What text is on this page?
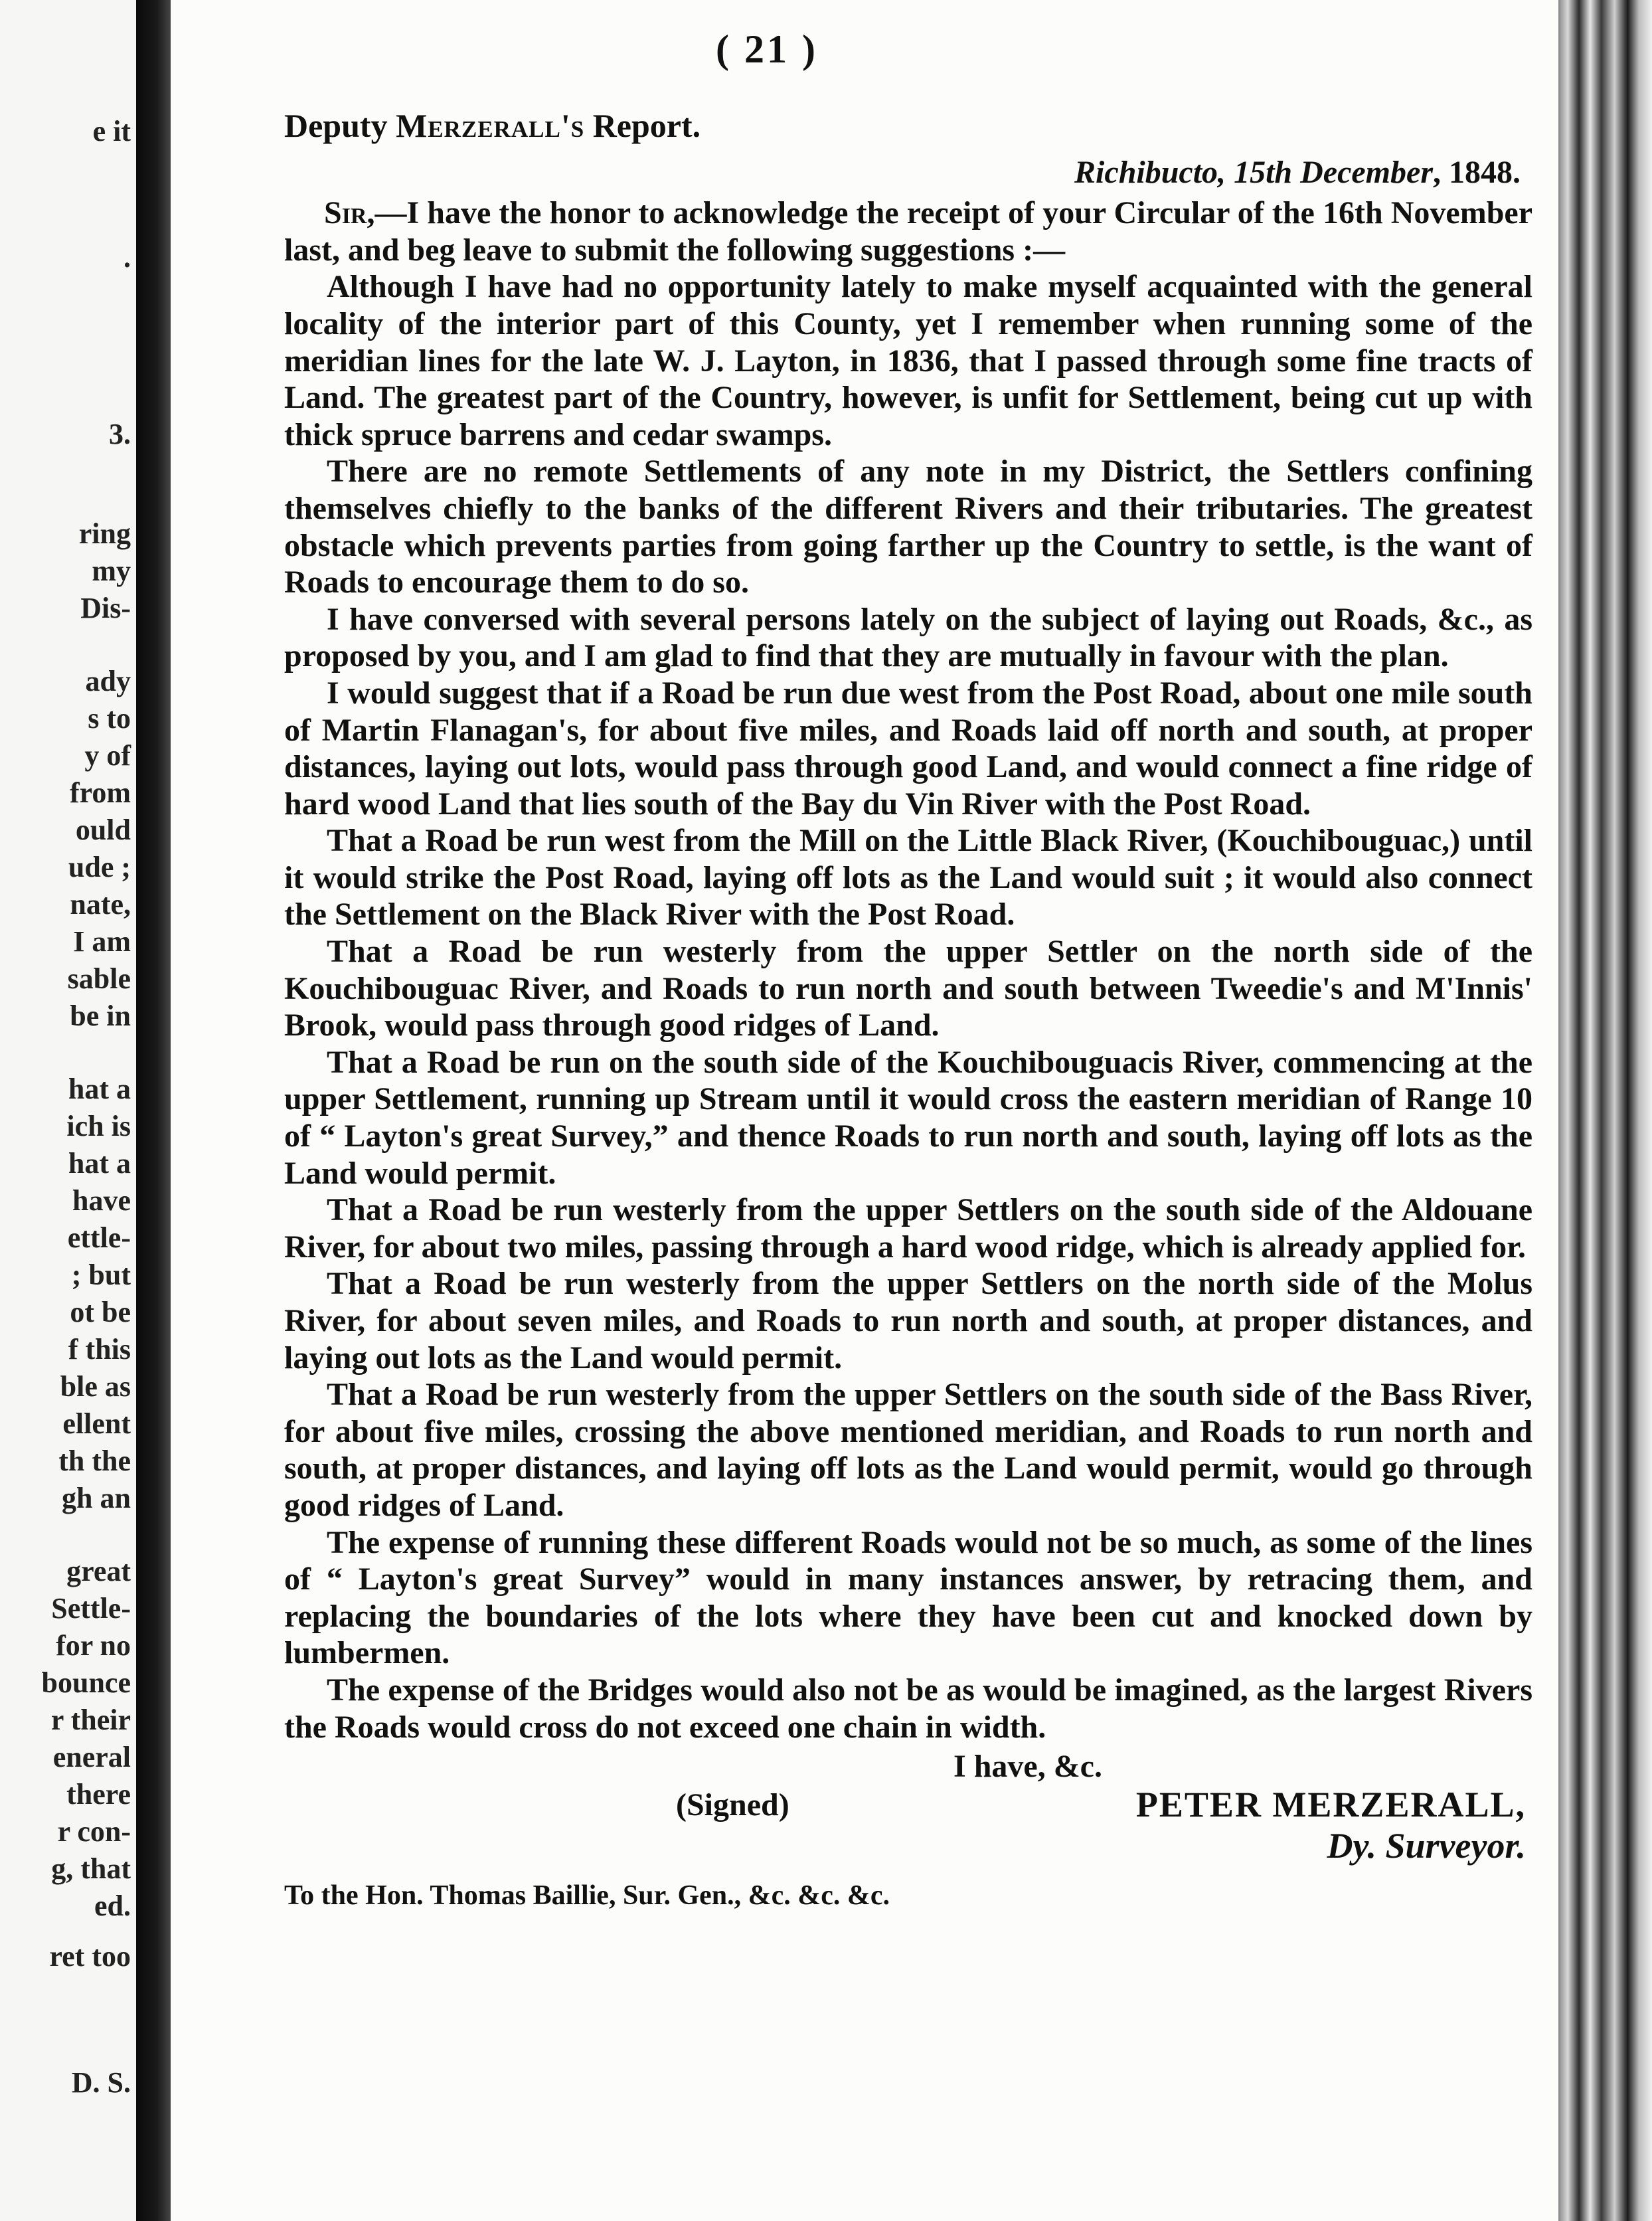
e it
.
3.
ring
my
Dis-
ady
s to
y of
from
ould
ude ;
nate,
I am
sable
be in
hat a
ich is
hat a
have
ettle-
; but
ot be
f this
ble as
ellent
th the
gh an
great
Settle-
for no
bounce
r their
eneral
there
r con-
g, that
ed.
ret too
D. S.
( 21 )
Deputy Merzerall's Report.
Richibucto, 15th December, 1848.

Sir,—I have the honor to acknowledge the receipt of your Circular of the 16th November last, and beg leave to submit the following suggestions :—

Although I have had no opportunity lately to make myself acquainted with the general locality of the interior part of this County, yet I remember when running some of the meridian lines for the late W. J. Layton, in 1836, that I passed through some fine tracts of Land. The greatest part of the Country, however, is unfit for Settlement, being cut up with thick spruce barrens and cedar swamps.

There are no remote Settlements of any note in my District, the Settlers confining themselves chiefly to the banks of the different Rivers and their tributaries. The greatest obstacle which prevents parties from going farther up the Country to settle, is the want of Roads to encourage them to do so.

I have conversed with several persons lately on the subject of laying out Roads, &c., as proposed by you, and I am glad to find that they are mutually in favour with the plan.

I would suggest that if a Road be run due west from the Post Road, about one mile south of Martin Flanagan's, for about five miles, and Roads laid off north and south, at proper distances, laying out lots, would pass through good Land, and would connect a fine ridge of hard wood Land that lies south of the Bay du Vin River with the Post Road.

That a Road be run west from the Mill on the Little Black River, (Kouchibouguac,) until it would strike the Post Road, laying off lots as the Land would suit ; it would also connect the Settlement on the Black River with the Post Road.

That a Road be run westerly from the upper Settler on the north side of the Kouchibouguac River, and Roads to run north and south between Tweedie's and M'Innis' Brook, would pass through good ridges of Land.

That a Road be run on the south side of the Kouchibouguacis River, commencing at the upper Settlement, running up Stream until it would cross the eastern meridian of Range 10 of “ Layton's great Survey,” and thence Roads to run north and south, laying off lots as the Land would permit.

That a Road be run westerly from the upper Settlers on the south side of the Aldouane River, for about two miles, passing through a hard wood ridge, which is already applied for.

That a Road be run westerly from the upper Settlers on the north side of the Molus River, for about seven miles, and Roads to run north and south, at proper distances, and laying out lots as the Land would permit.

That a Road be run westerly from the upper Settlers on the south side of the Bass River, for about five miles, crossing the above mentioned meridian, and Roads to run north and south, at proper distances, and laying off lots as the Land would permit, would go through good ridges of Land.

The expense of running these different Roads would not be so much, as some of the lines of “ Layton's great Survey” would in many instances answer, by retracing them, and replacing the boundaries of the lots where they have been cut and knocked down by lumbermen.

The expense of the Bridges would also not be as would be imagined, as the largest Rivers the Roads would cross do not exceed one chain in width.

I have, &c.
(Signed)	PETER MERZERALL,
Dy. Surveyor.
To the Hon. Thomas Baillie, Sur. Gen., &c. &c. &c.
